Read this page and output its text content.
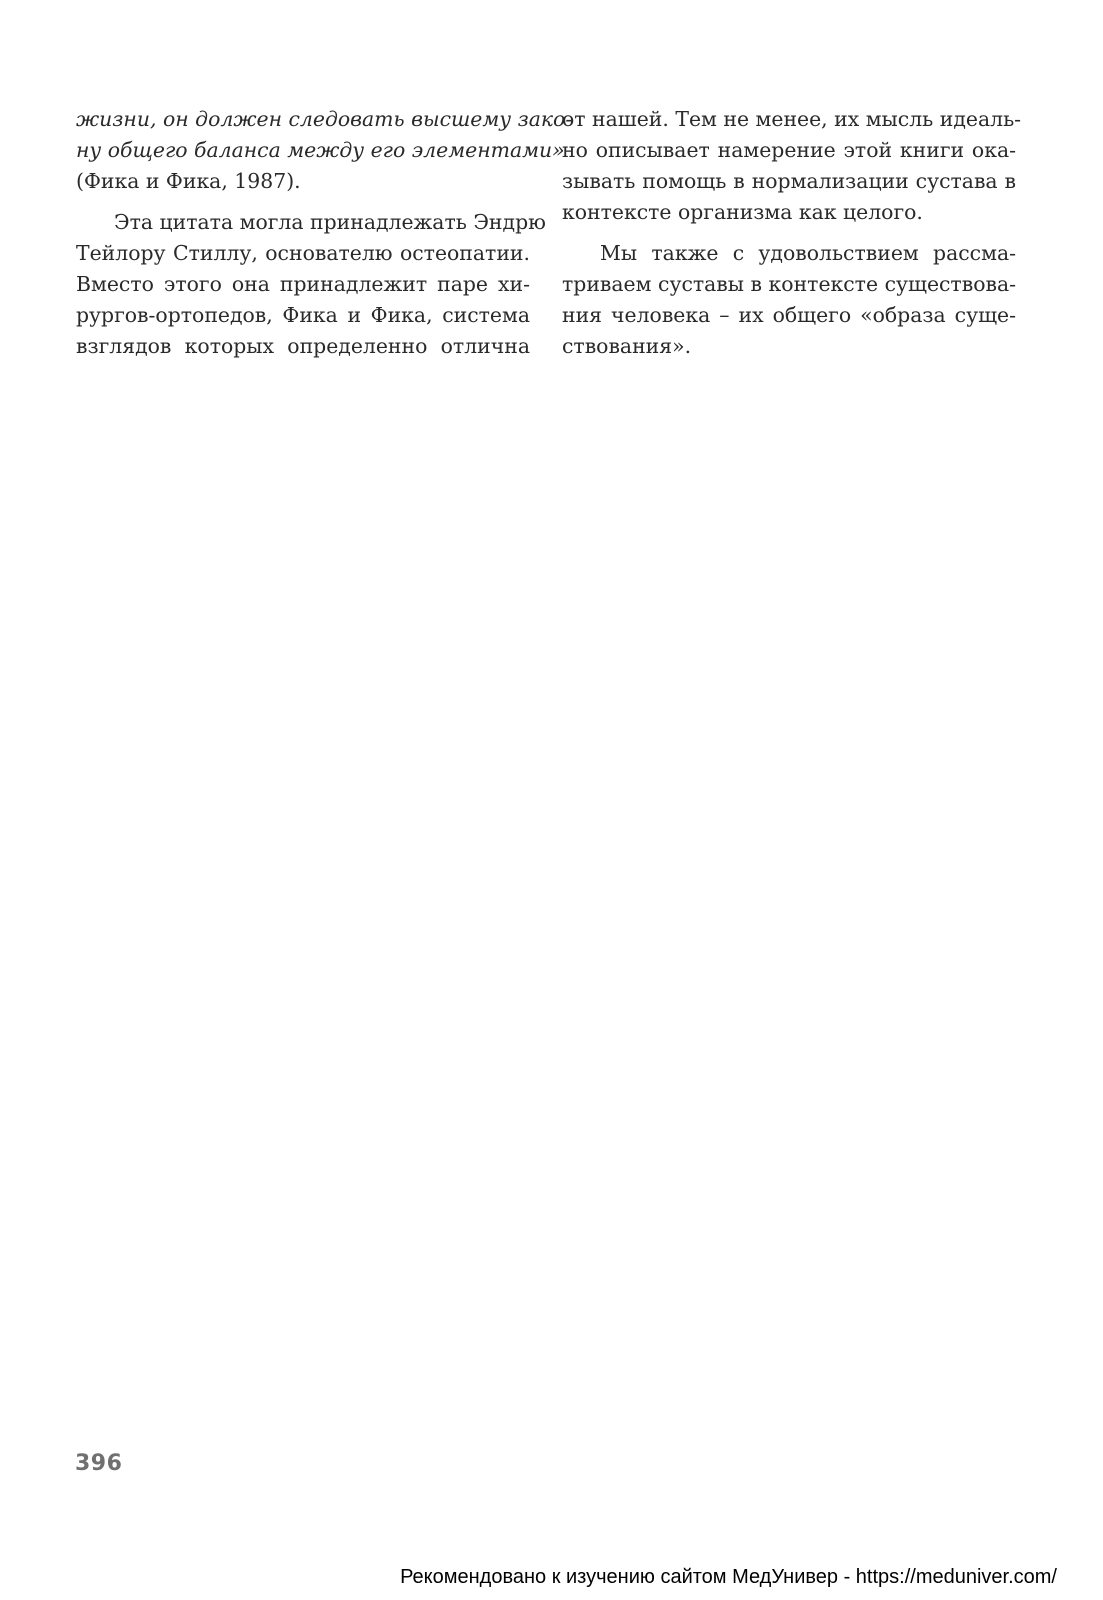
жизни, он должен следовать высшему зако-
ну общего баланса между его элементами»
(Фика и Фика, 1987).
Эта цитата могла принадлежать Эндрю
Тейлору Стиллу, основателю остеопатии.
Вместо этого она принадлежит паре хи-
рургов-ортопедов, Фика и Фика, система
взглядов которых определенно отлична
от нашей. Тем не менее, их мысль идеаль-
но описывает намерение этой книги ока-
зывать помощь в нормализации сустава в
контексте организма как целого.
Мы также с удовольствием рассма-
триваем суставы в контексте существова-
ния человека – их общего «образа суще-
ствования».
396
Рекомендовано к изучению сайтом МедУнивер - https://meduniver.com/
